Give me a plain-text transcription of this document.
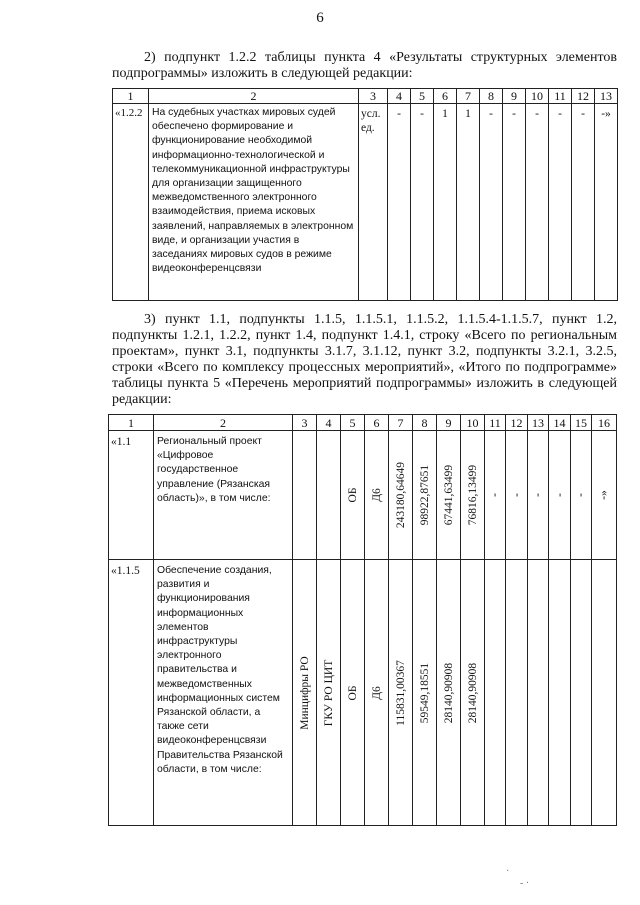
6
2) подпункт 1.2.2 таблицы пункта 4 «Результаты структурных элементов подпрограммы» изложить в следующей редакции:
1	2	3	4	5	6	7	8	9	10	11	12	13
«1.2.2	На судебных участках мировых судей обеспечено формирование и функционирование необходимой информационно-технологической и телекоммуникационной инфраструктуры для организации защищенного межведомственного электронного взаимодействия, приема исковых заявлений, направляемых в электронном виде, и организации участия в заседаниях мировых судов в режиме видеоконференцсвязи	усл. ед.	-	-	1	1	-	-	-	-	-	-»
3) пункт 1.1, подпункты 1.1.5, 1.1.5.1, 1.1.5.2, 1.1.5.4-1.1.5.7, пункт 1.2, подпункты 1.2.1, 1.2.2, пункт 1.4, подпункт 1.4.1, строку «Всего по региональным проектам», пункт 3.1, подпункты 3.1.7, 3.1.12, пункт 3.2, подпункты 3.2.1, 3.2.5, строки «Всего по комплексу процессных мероприятий», «Итого по подпрограмме» таблицы пункта 5 «Перечень мероприятий подпрограммы» изложить в следующей редакции:
1	2	3	4	5	6	7	8	9	10	11	12	13	14	15	16
«1.1	Региональный проект «Цифровое государственное управление (Рязанская область)», в том числе:			ОБ	Д6	243180,64649	98922,87651	67441,63499	76816,13499	-	-	-	-	-	-»

«1.1.5	Обеспечение создания, развития и функционирования информационных элементов инфраструктуры электронного правительства и межведомственных информационных систем Рязанской области, а также сети видеоконференцсвязи Правительства Рязанской области, в том числе:	Минцифры РО	ГКУ РО ЦИТ	ОБ	Д6	115831,00367	59549,18551	28140,90908	28140,90908						

·
- ·
